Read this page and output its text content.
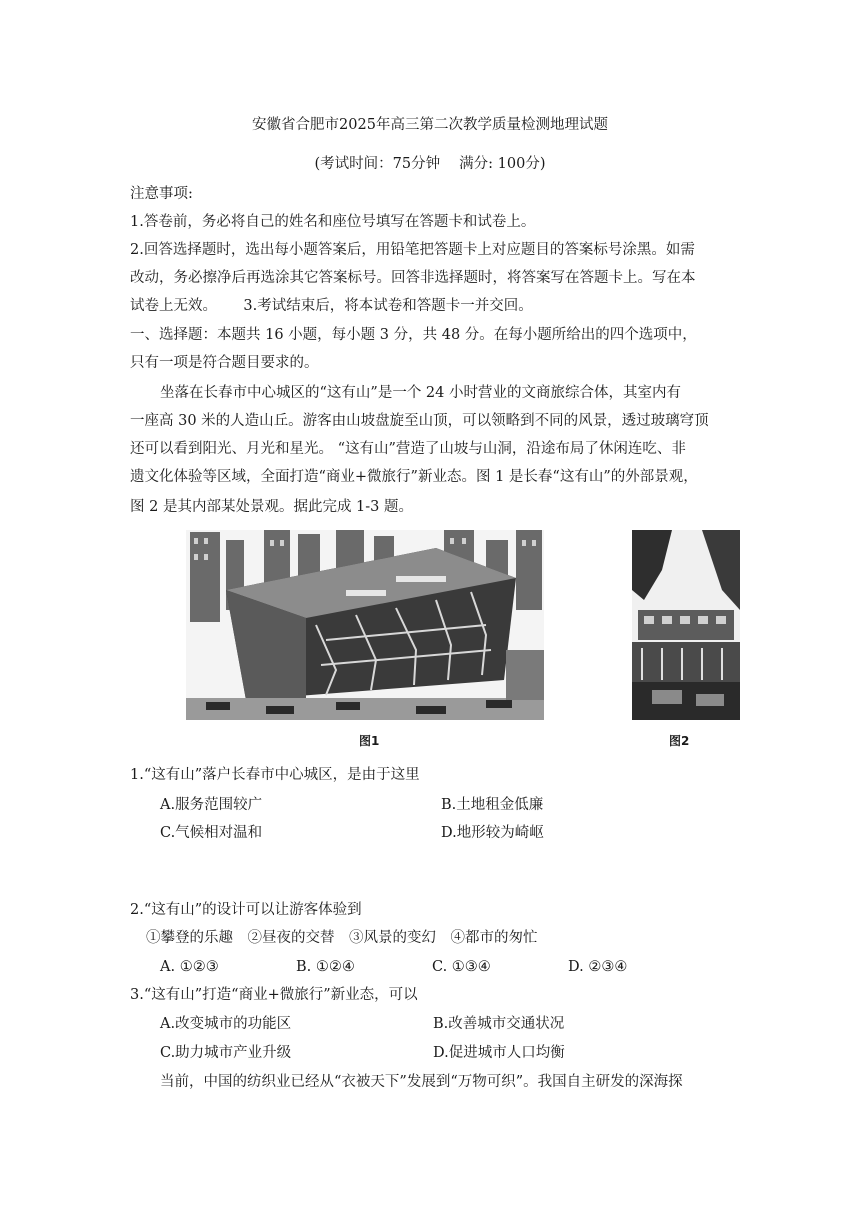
安徽省合肥市2025年高三第二次教学质量检测地理试题
(考试时间：75分钟　 满分: 100分)
注意事项:
1.答卷前，务必将自己的姓名和座位号填写在答题卡和试卷上。
2.回答选择题时，选出每小题答案后，用铅笔把答题卡上对应题目的答案标号涂黑。如需
改动，务必擦净后再选涂其它答案标号。回答非选择题时，将答案写在答题卡上。写在本
试卷上无效。　　 3.考试结束后，将本试卷和答题卡一并交回。
一、选择题：本题共 16 小题，每小题 3 分，共 48 分。在每小题所给出的四个选项中，
只有一项是符合题目要求的。
坐落在长春市中心城区的“这有山”是一个 24 小时营业的文商旅综合体，其室内有
一座高 30 米的人造山丘。游客由山坡盘旋至山顶，可以领略到不同的风景，透过玻璃穹顶
还可以看到阳光、月光和星光。 “这有山”营造了山坡与山洞，沿途布局了休闲连吃、非
遗文化体验等区域，全面打造“商业+微旅行”新业态。图 1 是长春“这有山”的外部景观，
图 2 是其内部某处景观。据此完成 1-3 题。
图1	图2
1.“这有山”落户长春市中心城区，是由于这里
A.服务范围较广	B.土地租金低廉
C.气候相对温和	D.地形较为崎岖
2.“这有山”的设计可以让游客体验到
①攀登的乐趣　②昼夜的交替　③风景的变幻　④都市的匆忙
A. ①②③	B. ①②④	C. ①③④	D. ②③④
3.“这有山”打造“商业+微旅行”新业态，可以
A.改变城市的功能区	B.改善城市交通状况
C.助力城市产业升级	D.促进城市人口均衡
当前，中国的纺织业已经从“衣被天下”发展到“万物可织”。我国自主研发的深海探
